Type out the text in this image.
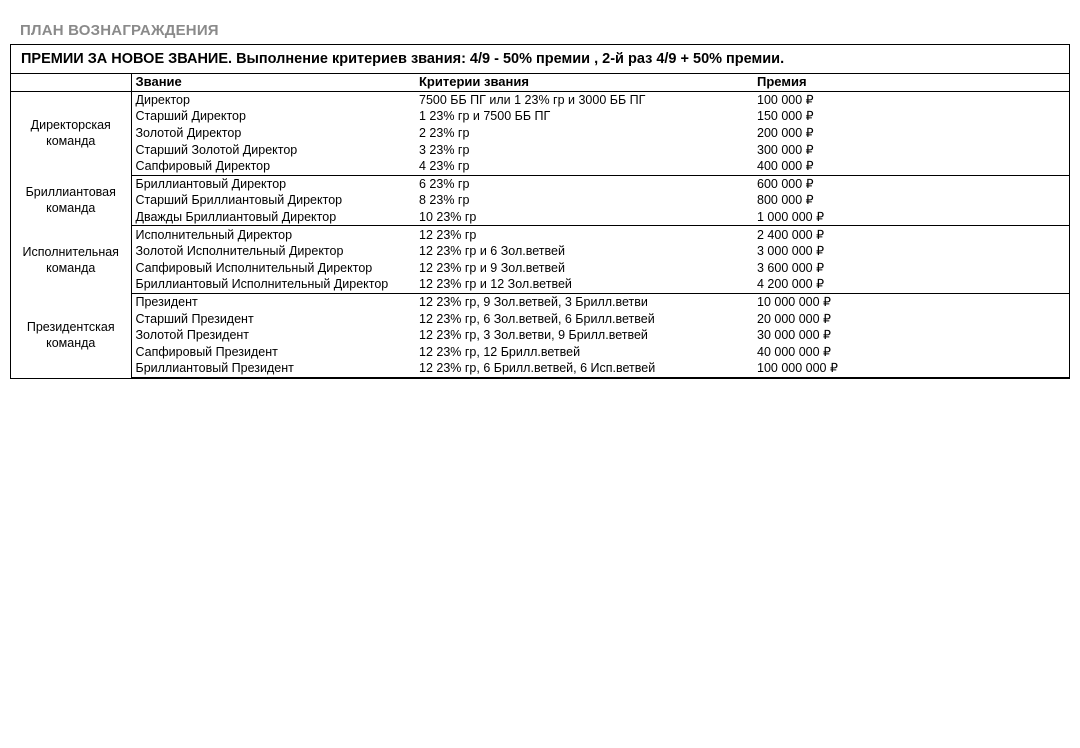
ПЛАН ВОЗНАГРАЖДЕНИЯ
ПРЕМИИ ЗА НОВОЕ ЗВАНИЕ. Выполнение критериев звания: 4/9 - 50% премии , 2-й раз 4/9 + 50% премии.
	Звание	Критерии звания	Премия
Директорская команда	Директор	7500 ББ ПГ или 1 23% гр и 3000 ББ ПГ	100 000 ₽
	Старший Директор	1 23% гр и 7500 ББ ПГ	150 000 ₽
	Золотой Директор	2 23% гр	200 000 ₽
	Старший Золотой Директор	3 23% гр	300 000 ₽
	Сапфировый Директор	4 23% гр	400 000 ₽
Бриллиантовая команда	Бриллиантовый Директор	6 23% гр	600 000 ₽
	Старший Бриллиантовый Директор	8 23% гр	800 000 ₽
	Дважды Бриллиантовый Директор	10 23% гр	1 000 000 ₽
Исполнительная команда	Исполнительный Директор	12 23% гр	2 400 000 ₽
	Золотой Исполнительный Директор	12 23% гр и 6 Зол.ветвей	3 000 000 ₽
	Сапфировый Исполнительный Директор	12 23% гр и 9 Зол.ветвей	3 600 000 ₽
	Бриллиантовый Исполнительный Директор	12 23% гр и 12 Зол.ветвей	4 200 000 ₽
Президентская команда	Президент	12 23% гр, 9 Зол.ветвей, 3 Брилл.ветви	10 000 000 ₽
	Старший Президент	12 23% гр, 6 Зол.ветвей, 6 Брилл.ветвей	20 000 000 ₽
	Золотой Президент	12 23% гр, 3 Зол.ветви, 9 Брилл.ветвей	30 000 000 ₽
	Сапфировый Президент	12 23% гр, 12 Брилл.ветвей	40 000 000 ₽
	Бриллиантовый Президент	12 23% гр, 6 Брилл.ветвей, 6 Исп.ветвей	100 000 000 ₽
